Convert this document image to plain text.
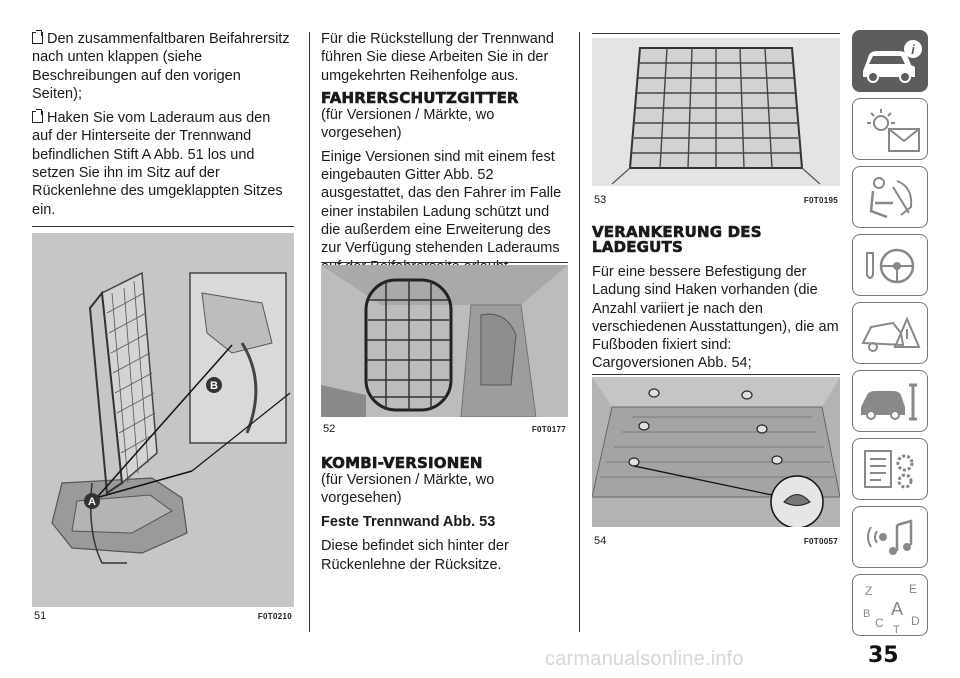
Den zusammenfaltbaren Beifahrersitz nach unten klappen (siehe Beschreibungen auf den vorigen Seiten);

Haken Sie vom Laderaum aus den auf der Hinterseite der Trennwand befindlichen Stift A Abb. 51 los und setzen Sie ihn im Sitz auf der Rückenlehne des umgeklappten Sitzes ein.

A
B
51	F0T0210

Für die Rückstellung der Trennwand führen Sie diese Arbeiten Sie in der umgekehrten Reihenfolge aus.

FAHRERSCHUTZGITTER

(für Versionen / Märkte, wo vorgesehen)

Einige Versionen sind mit einem fest eingebauten Gitter Abb. 52 ausgestattet, das den Fahrer im Falle einer instabilen Ladung schützt und die außerdem eine Erweiterung des zur Verfügung stehenden Laderaums

52	F0T0177
KOMBI-VERSIONEN

(für Versionen / Märkte, wo vorgesehen)

Feste Trennwand Abb. 53

Diese befindet sich hinter der Rückenlehne der Rücksitze.

53	F0T0195
VERANKERUNG DES
LADEGUTS

Für eine bessere Befestigung der Ladung sind Haken vorhanden (die Anzahl variiert je nach den verschiedenen Ausstattungen), die am Fußboden fixiert sind:

Cargoversionen Abb. 54;

54	F0T0057
i
Z	E
B A
C D
T
35
carmanualsonline.info
